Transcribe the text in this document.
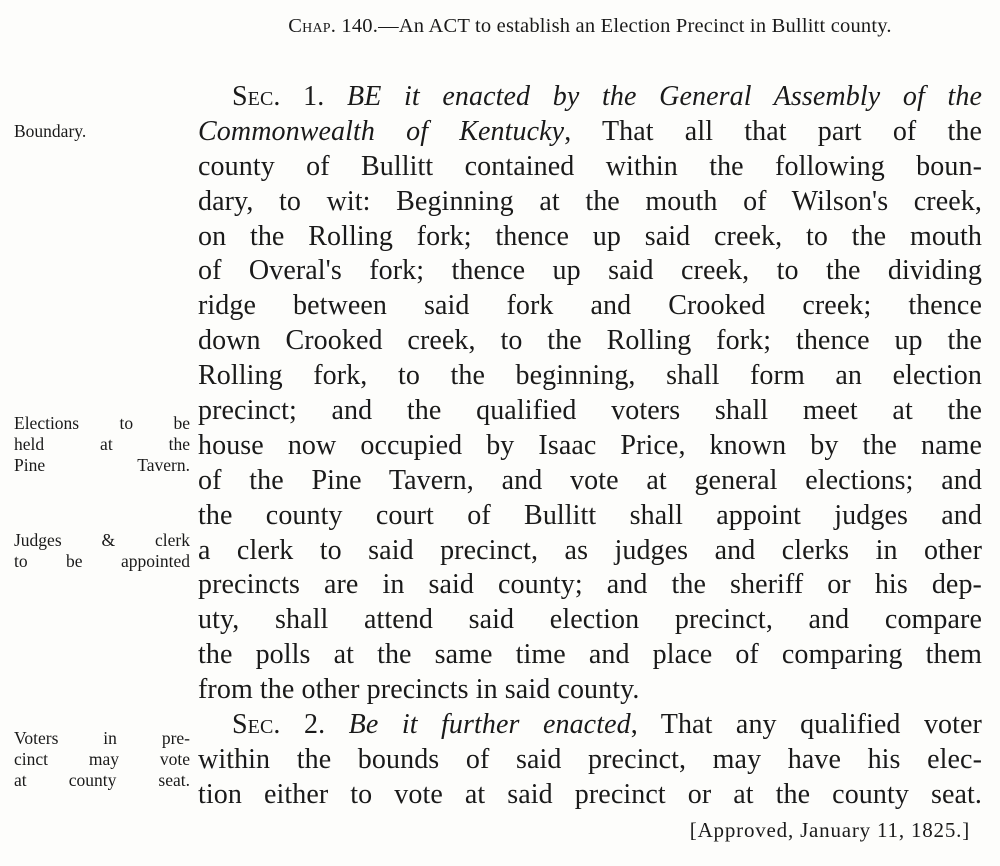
Chap. 140.—An ACT to establish an Election Precinct in Bullitt county.
Boundary.
Elections to be
held at the
Pine Tavern.
Judges & clerk
to be appointed
Voters in pre-
cinct may vote
at county seat.
Sec. 1. BE it enacted by the General Assembly of the
Commonwealth of Kentucky, That all that part of the
county of Bullitt contained within the following boun-
dary, to wit: Beginning at the mouth of Wilson's creek,
on the Rolling fork; thence up said creek, to the mouth
of Overal's fork; thence up said creek, to the dividing
ridge between said fork and Crooked creek; thence
down Crooked creek, to the Rolling fork; thence up the
Rolling fork, to the beginning, shall form an election
precinct; and the qualified voters shall meet at the
house now occupied by Isaac Price, known by the name
of the Pine Tavern, and vote at general elections; and
the county court of Bullitt shall appoint judges and
a clerk to said precinct, as judges and clerks in other
precincts are in said county; and the sheriff or his dep-
uty, shall attend said election precinct, and compare
the polls at the same time and place of comparing them
from the other precincts in said county.
Sec. 2. Be it further enacted, That any qualified voter
within the bounds of said precinct, may have his elec-
tion either to vote at said precinct or at the county seat.
[Approved, January 11, 1825.]
